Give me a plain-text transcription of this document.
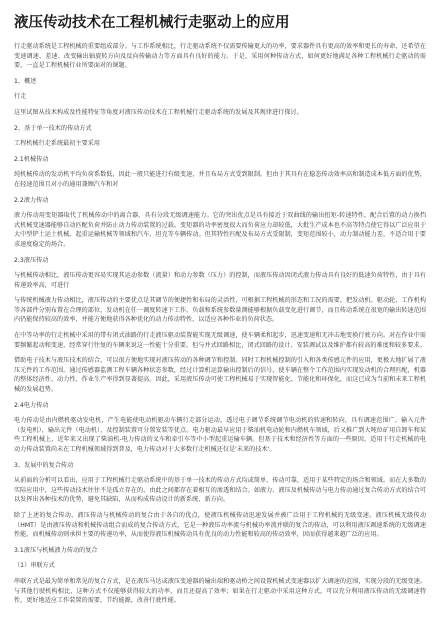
液压传动技术在工程机械行走驱动上的应用
行走驱动系统是工程机械的重要组成部分。与工作系统相比，行走驱动系统不仅需要传输更大的功率，要求器件具有更高的效率和更长的寿命，还希望在变速调速、差速、改变输出轴旋转方向及反向传输动力等方面具有良好的能力。于是，采用何种传动方式，如何更好地满足各种工程机械行走驱动的需要，一直是工程机械行业所要面对的课题。
1、概述
行走
这里试图从技术构成及性能特征等角度对液压传动技术在工程机械行走驱动系统的发展及其规律进行探讨。
2、基于单一技术的传动方式
工程机械行走系统最初主要采用
2.1机械传动
纯机械传动的发动机平均负荷系数低，因此一般只能进行有级变速，并且布局方式受到限制。但由于其具有在稳态传动效率高和制造成本低方面的优势，在轻速范围且对小的通用兼顾汽车和对
2.2液力传动
液力传动用变矩器取代了机械传动中的离合器，具有分段无级调速能力。它的突出优点是具有接近于双曲线的输出扭矩-转速特性，配合后置的动力换挡式机械变速器能够自动匹配负荷并防止动力传动装置的过载。变矩器的功率密度很大而负荷应力却较低，大批生产成本也不高等特点使它得以广泛应用于大中型铲土运土机械、起重运输机械等领域和汽车、坦克等车辆传动。但其特性匹配及布局方式受限制，变矩范围较小，动力制动能力差，不适合用于要求速度稳定的场合。
2.3液压传动
与机械传动相比，液压传动更容易实现其运动参数（流量）和动力参数（压力）的控制，而液压传动因闭式液力传动具有良好的低速负荷特性，由于具有传递效率高，可进行
与传统机械液力传动相比，液压传动的主要优点是其调节的便捷性和布局的灵活性，可根据工程机械的形态和工况的需要，把发动机、驱动轮、工作机构等各部件分别布置在合理的部位，发动机在任一调度转速下工作，负载和系统参数量测能够根据负载变化进行调节，而且传动系统在很宽的输出转速范围内仍能保持较高的效率，并能方便地获得各种优化的动力传动特性，以适应各种作业的负荷状态。
在中等功率的行走机械中采用的带有闭式油路的行走液压驱动装置能实现无级调速，使车辆柔和起步，迅速变速和无冲击地变换行驶方向。对在作业中需要频繁起动和变速，经常穿行往复的车辆来说这一性能十分重要。但与并式回路相比，闭式回路的设计、安装调试以及维护都有较高的难度和较多要求。
借助电子技术与液压技术的结合，可以很方便地实现对液压传动的各种调节和控制。同时工程机械控制的引入和各类传感元件的应用，更极大地扩展了液压元件的工作范围。通过传感器监测工程车辆各种状态参数，经过计算机运算输出控制后的信号，使车辆在整个工作范围内实现发动机的合理匹配，机器的整体经济性、动力性、作业生产率得到显著提高。因此，采用液压传动可使工程机械易于实现智能化、节能化和环保化，而这已成为当前和未来工程机械的发展趋势。
2.4电力传动
电力传动是由内燃机驱动发电机，产生电能使电动机驱动车辆行走部分运动，透过电子调节系统调节电动机的转速和转向，具有调速范围广，输入元件（发电机），输出元件（电动机），及控制装置可分置安装等优点。电力驱动最早应用于柴油机电动轮和内燃机车领域，后又推广到大吨位矿用自卸车和某些工程机械上，近年来又出现了柴油机-电力传动的叉车和牵引车等中小型起重运输车辆。但基于技术和经济性等方面的一些原因，适用于行走机械的电动力传动装置尚未在工程机械领域得到普及，电力传动对于大多数行走机械还仅是'未来的技术'。
3、发展中的复合传动
从前面的分析可以看出，应用于工程机械行走驱动系统中的基于单一技术的传动方式均或简单、传动可靠，适用于某些特定的场合和领域。而在大多数的实际应用中，这些传动技术往往不是孤立存在的，由此之间都存在着相互的渗透和结合。如液力、液压及机械传动与电力传动通过复合传动方式的结合可以发挥出各种技术的优势，避免其缺陷，从而构成传动设计的新系统、新方向。
除了上述的复合传动，液压传动与机械传动的复合由于各自的优点，使液压机械传动迅速发展并被广泛用于工程机械的无级变速。液压机械无级传动（HMT）是由液压传动和机械传动组合而成的复合传动方式，它是一种液压功率流与机械功率流并联的复合的传动，可以利用液压调速系统的无级调速性能，而机械传动则承担主要的传递功率，从而使得液压机械传动具有优良的动力性能和较高的传动效率，因而获得越来越广泛的应用。
3.1液压与机械液力传动的复合
（1）串联方式
串联方式是最为简单和常见的复合方式，是在液压马达或液压变速器的输出端和驱动桥之间设置机械式变速器以扩大调速的范围，实现分段的无级变速。与其他行驶机构相比，这种方式不仅能够获得较大的功率，而且还提高了效率；如果在行走驱动中采用这种方式，可以充分利用液压传动的无级调速特性，更好地适应工作装置的需要，节约能源，改善行驶性能。
